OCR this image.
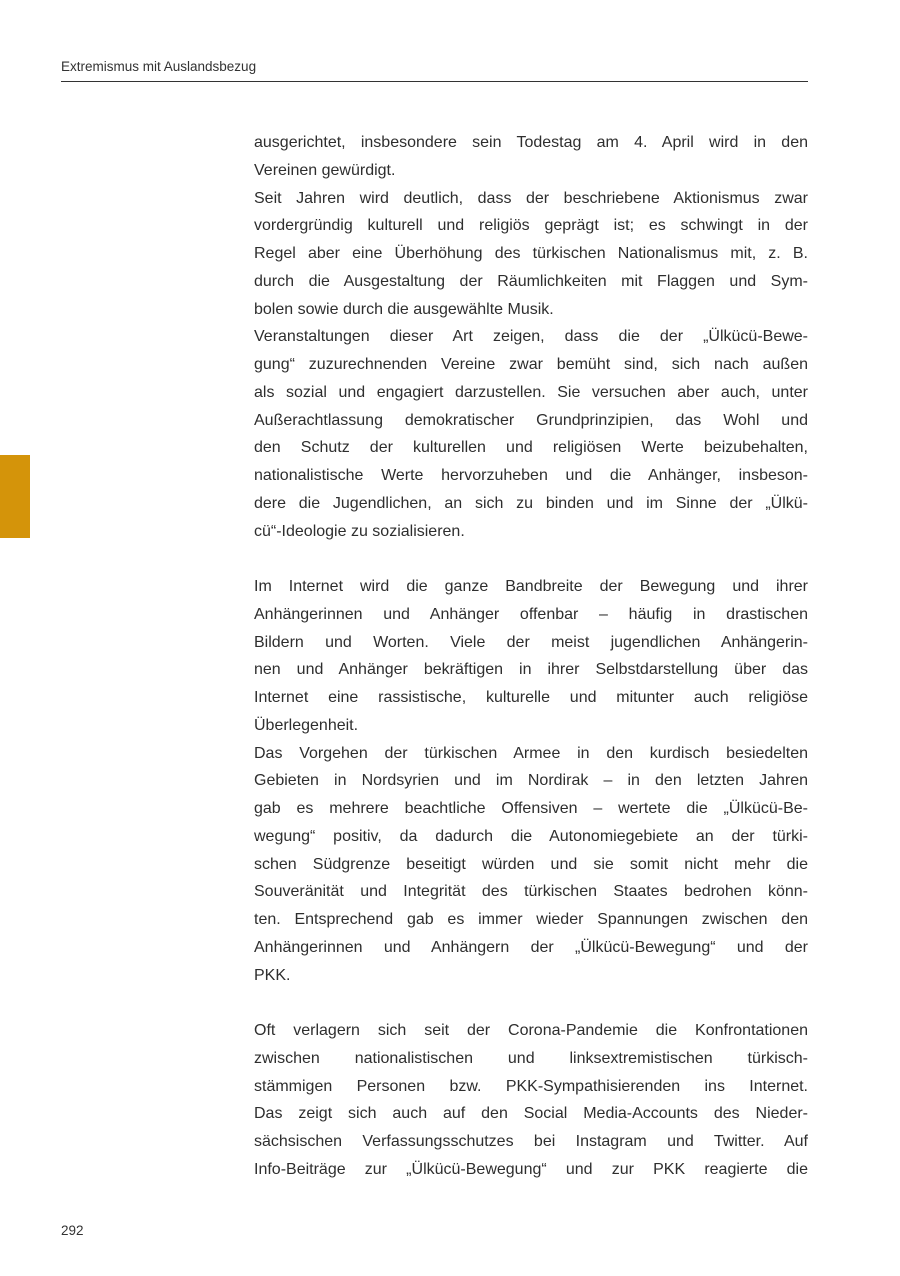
Extremismus mit Auslandsbezug
ausgerichtet, insbesondere sein Todestag am 4. April wird in den
Vereinen gewürdigt.
Seit Jahren wird deutlich, dass der beschriebene Aktionismus zwar
vordergründig kulturell und religiös geprägt ist; es schwingt in der
Regel aber eine Überhöhung des türkischen Nationalismus mit, z. B.
durch die Ausgestaltung der Räumlichkeiten mit Flaggen und Sym-
bolen sowie durch die ausgewählte Musik.
Veranstaltungen dieser Art zeigen, dass die der „Ülkücü-Bewe-
gung“ zuzurechnenden Vereine zwar bemüht sind, sich nach außen
als sozial und engagiert darzustellen. Sie versuchen aber auch, unter
Außerachtlassung demokratischer Grundprinzipien, das Wohl und
den Schutz der kulturellen und religiösen Werte beizubehalten,
nationalistische Werte hervorzuheben und die Anhänger, insbeson-
dere die Jugendlichen, an sich zu binden und im Sinne der „Ülkü-
cü“-Ideologie zu sozialisieren.
Im Internet wird die ganze Bandbreite der Bewegung und ihrer
Anhängerinnen und Anhänger offenbar – häufig in drastischen
Bildern und Worten. Viele der meist jugendlichen Anhängerin-
nen und Anhänger bekräftigen in ihrer Selbstdarstellung über das
Internet eine rassistische, kulturelle und mitunter auch religiöse
Überlegenheit.
Das Vorgehen der türkischen Armee in den kurdisch besiedelten
Gebieten in Nordsyrien und im Nordirak – in den letzten Jahren
gab es mehrere beachtliche Offensiven – wertete die „Ülkücü-Be-
wegung“ positiv, da dadurch die Autonomiegebiete an der türki-
schen Südgrenze beseitigt würden und sie somit nicht mehr die
Souveränität und Integrität des türkischen Staates bedrohen könn-
ten. Entsprechend gab es immer wieder Spannungen zwischen den
Anhängerinnen und Anhängern der „Ülkücü-Bewegung“ und der
PKK.
Oft verlagern sich seit der Corona-Pandemie die Konfrontationen
zwischen nationalistischen und linksextremistischen türkisch-
stämmigen Personen bzw. PKK-Sympathisierenden ins Internet.
Das zeigt sich auch auf den Social Media-Accounts des Nieder-
sächsischen Verfassungsschutzes bei Instagram und Twitter. Auf
Info-Beiträge zur „Ülkücü-Bewegung“ und zur PKK reagierte die
292
